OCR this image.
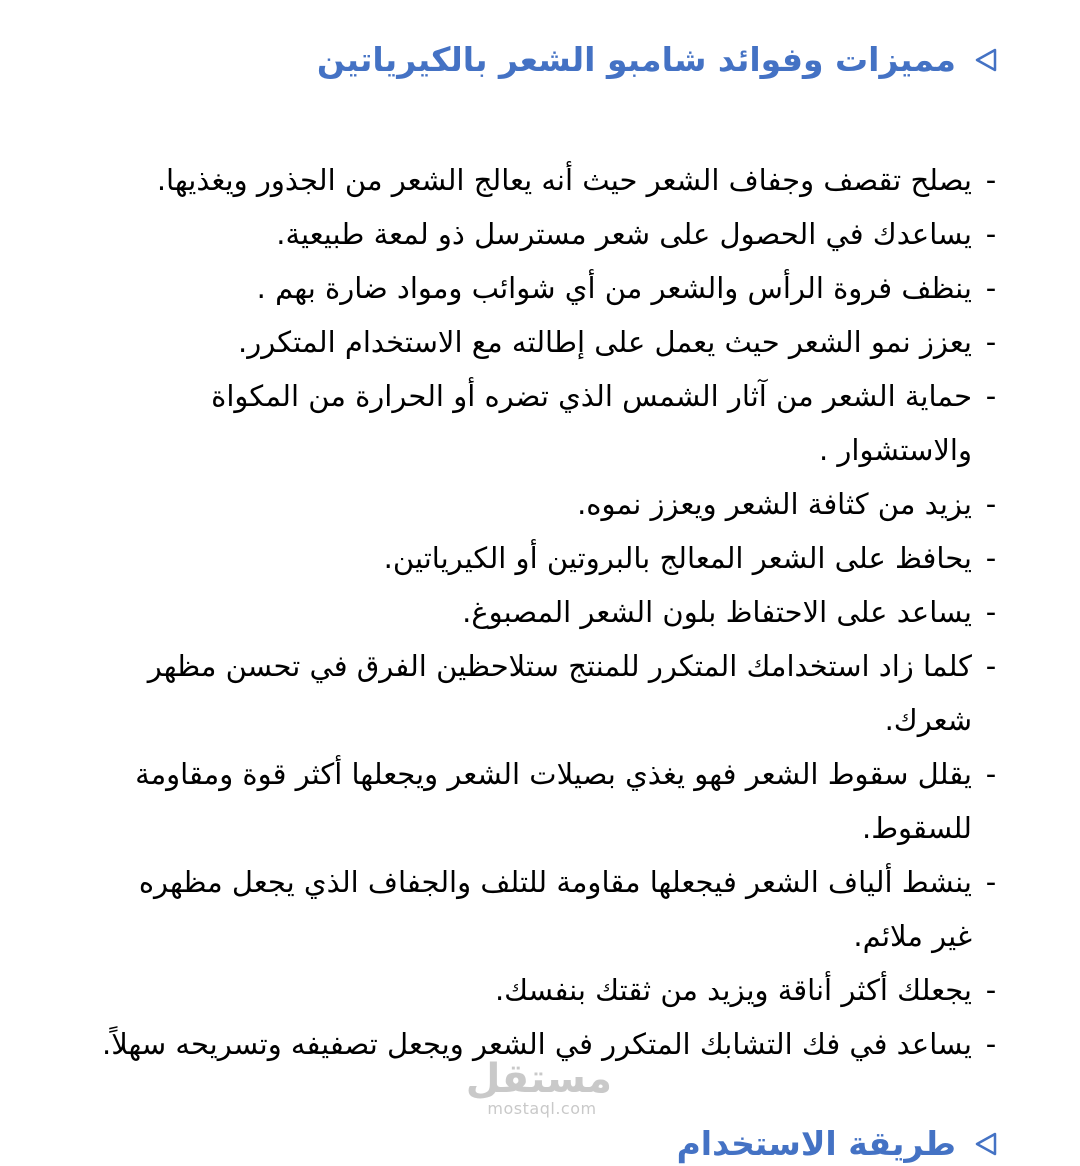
مميزات وفوائد شامبو الشعر بالكيرياتين
-
يصلح تقصف وجفاف الشعر حيث أنه يعالج الشعر من الجذور ويغذيها.
-
يساعدك في الحصول على شعر مسترسل ذو لمعة طبيعية.
-
ينظف فروة الرأس والشعر من أي شوائب ومواد ضارة بهم .
-
يعزز نمو الشعر حيث يعمل على إطالته مع الاستخدام المتكرر.
-
حماية الشعر من آثار الشمس الذي تضره أو الحرارة من المكواة والاستشوار .
-
يزيد من كثافة الشعر ويعزز نموه.
-
يحافظ على الشعر المعالج بالبروتين أو الكيرياتين.
-
يساعد على الاحتفاظ بلون الشعر المصبوغ.
-
كلما زاد استخدامك المتكرر للمنتج ستلاحظين الفرق في تحسن مظهر شعرك.
-
يقلل سقوط الشعر فهو يغذي بصيلات الشعر ويجعلها أكثر قوة ومقاومة للسقوط.
-
ينشط ألياف الشعر فيجعلها مقاومة للتلف والجفاف الذي يجعل مظهره غير ملائم.
-
يجعلك أكثر أناقة ويزيد من ثقتك بنفسك.
-
يساعد في فك التشابك المتكرر في الشعر ويجعل تصفيفه وتسريحه سهلاً.
مستقل
mostaql.com
طريقة الاستخدام
